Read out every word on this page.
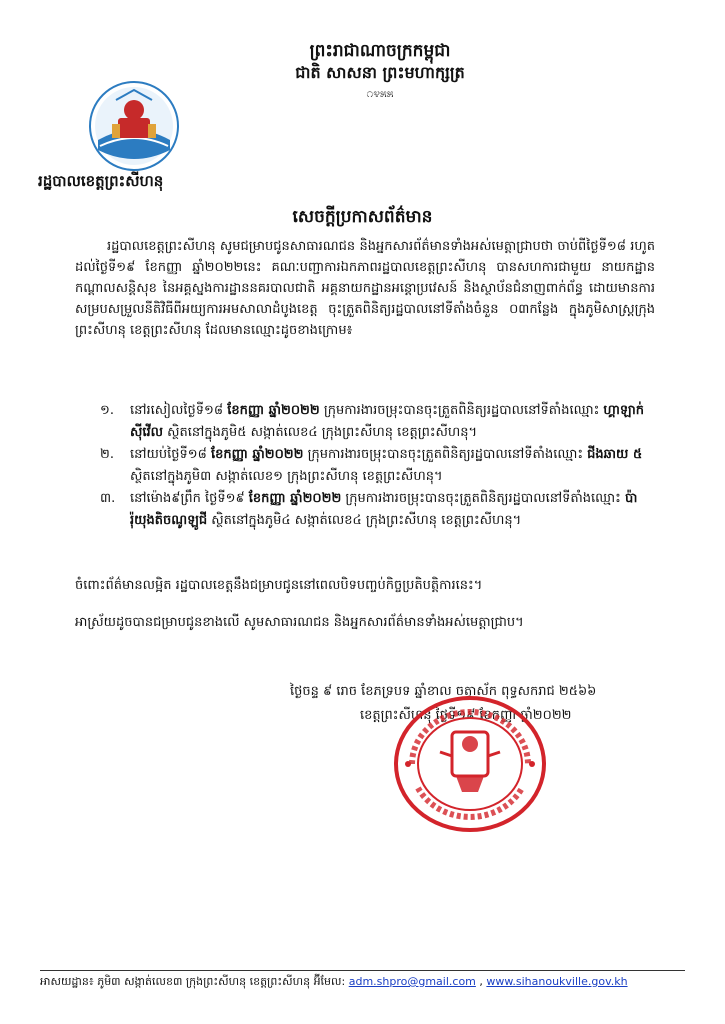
ព្រះរាជាណាចក្រកម្ពុជា
ជាតិ សាសនា ព្រះមហាក្សត្រ
೧೪೫೫
រដ្ឋបាលខេត្តព្រះសីហនុ
សេចក្តីប្រកាសព័ត៌មាន

រដ្ឋបាលខេត្តព្រះសីហនុ សូមជម្រាបជូនសាធារណជន និងអ្នកសារព័ត៌មានទាំងអស់មេត្តាជ្រាបថា ចាប់ពីថ្ងៃទី១៨ រហូតដល់ថ្ងៃទី១៩ ខែកញ្ញា ឆ្នាំ២០២២នេះ គណៈបញ្ជាការឯកភាពរដ្ឋបាលខេត្តព្រះសីហនុ បានសហការជាមួយ នាយកដ្ឋានកណ្ដាលសន្តិសុខ នៃអគ្គស្នងការដ្ឋាននគរបាលជាតិ អគ្គនាយកដ្ឋានអន្តោប្រវេសន៍ និងស្ថាប័នជំនាញពាក់ព័ន្ធ ដោយមានការសម្របសម្រួលនីតិវិធីពីអយ្យការអមសាលាដំបូងខេត្ត ចុះត្រួតពិនិត្យរដ្ឋបាលនៅទីតាំងចំនួន ០៣កន្លែង ក្នុងភូមិសាស្ត្រក្រុងព្រះសីហនុ ខេត្តព្រះសីហនុ ដែលមានឈ្មោះដូចខាងក្រោម៖

១.	នៅរសៀលថ្ងៃទី១៨ ខែកញ្ញា ឆ្នាំ២០២២ ក្រុមការងារចម្រុះបានចុះត្រួតពិនិត្យរដ្ឋបាលនៅទីតាំងឈ្មោះ ហ្គាឡាក់ស៊ីវើល ស្ថិតនៅក្នុងភូមិ៥ សង្កាត់លេខ៤ ក្រុងព្រះសីហនុ ខេត្តព្រះសីហនុ។
២.	នៅយប់ថ្ងៃទី១៨ ខែកញ្ញា ឆ្នាំ២០២២ ក្រុមការងារចម្រុះបានចុះត្រួតពិនិត្យរដ្ឋបាលនៅទីតាំងឈ្មោះ ជីងឆាយ ៥ ស្ថិតនៅក្នុងភូមិ៣ សង្កាត់លេខ១ ក្រុងព្រះសីហនុ ខេត្តព្រះសីហនុ។
៣.	នៅម៉ោង៩ព្រឹក ថ្ងៃទី១៩ ខែកញ្ញា ឆ្នាំ២០២២ ក្រុមការងារចម្រុះបានចុះត្រួតពិនិត្យរដ្ឋបាលនៅទីតាំងឈ្មោះ ប៉ារ៉ុយុងតិចណូឡូជី ស្ថិតនៅក្នុងភូមិ៤ សង្កាត់លេខ៤ ក្រុងព្រះសីហនុ ខេត្តព្រះសីហនុ។
ចំពោះព័ត៌មានលម្អិត រដ្ឋបាលខេត្តនឹងជម្រាបជូននៅពេលបិទបញ្ចប់កិច្ចប្រតិបត្តិការនេះ។
អាស្រ័យដូចបានជម្រាបជូនខាងលើ សូមសាធារណជន និងអ្នកសារព័ត៌មានទាំងអស់មេត្តាជ្រាប។
ថ្ងៃចន្ទ ៩ រោច ខែភទ្របទ ឆ្នាំខាល ចត្វាស័ក ពុទ្ធសករាជ ២៥៦៦
ខេត្តព្រះសីហនុ ថ្ងៃទី១៩ ខែកញ្ញា ឆ្នាំ២០២២
អាសយដ្ឋាន៖ ភូមិ៣ សង្កាត់លេខ៣ ក្រុងព្រះសីហនុ ខេត្តព្រះសីហនុ អ៊ីមែល: adm.shpro@gmail.com , www.sihanoukville.gov.kh
